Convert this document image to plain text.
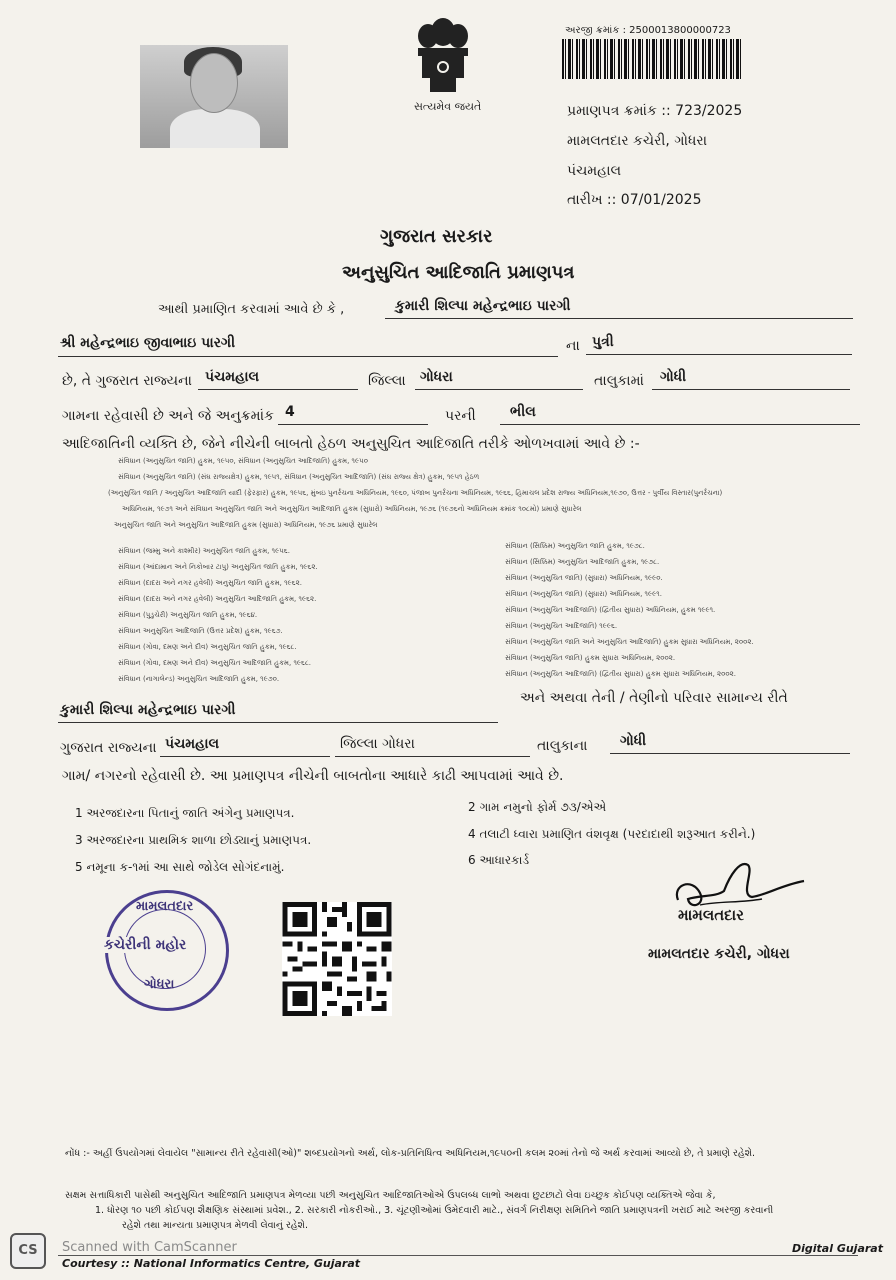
સત્યમેવ જયતે
અરજી ક્રમાંક : 2500013800000723
પ્રમાણપત્ર ક્રમાંક :: 723/2025
મામલતદાર કચેરી, ગોધરા
પંચમહાલ
તારીખ :: 07/01/2025
ગુજરાત સરકાર
અનુસુચિત આદિજાતિ પ્રમાણપત્ર
આથી પ્રમાણિત કરવામાં આવે છે કે ,	કુમારી શિલ્પા મહેન્દ્રભાઇ પારગી
શ્રી મહેન્દ્રભાઇ જીવાભાઇ પારગી	ના પુત્રી
છે, તે ગુજરાત રાજ્યના પંચમહાલ	જિલ્લા ગોધરા	તાલુકામાં ગોધી
ગામના રહેવાસી છે અને જે અનુક્રમાંક 4	પરની ભીલ
આદિજાતિની વ્યક્તિ છે, જેને નીચેની બાબતો હેઠળ અનુસુચિત આદિજાતિ તરીકે ઓળખવામાં આવે છે :-
સંવિધાન (અનુસુચિત જાતિ) હુકમ, ૧૯૫૦, સંવિધાન (અનુસુચિત આદિજાતિ) હુકમ, ૧૯૫૦
સંવિધાન (અનુસુચિત જાતિ) (સંઘ રાજ્યક્ષેત્ર) હુકમ, ૧૯૫૧, સંવિધાન (અનુસુચિત આદિજાતિ) (સંઘ રાજ્ય ક્ષેત્ર) હુકમ, ૧૯૫૧ હેઠળ
(અનુસુચિત જાતિ / અનુસુચિત આદિજાતિ યાદી (ફેરફાર) હુકમ, ૧૯૫૬, મુંબઇ પુનર્રચના અધિનિયમ, ૧૯૬૦, પંજાબ પુનર્રચના અધિનિયમ, ૧૯૬૬, હિમાચલ પ્રદેશ રાજ્ય અધિનિયમ,૧૯૭૦, ઉત્તર - પુર્વીય વિસ્તાર(પુનર્રચના)
અધિનિયમ, ૧૯૭૧ અને સંવિધાન અનુસુચિત જાતિ અને અનુસુચિત આદિજાતિ હુકમ (સુધારો) અધિનિયમ, ૧૯૭૬ (૧૯૭૬નો અધિનિયમ ક્રમાંક ૧૦૮મો) પ્રમાણે સુધારેલ
અનુસુચિત જાતિ અને અનુસુચિત આદિજાતિ હુકમ (સુધારા) અધિનિયમ, ૧૯૭૬ પ્રમાણે સુધારેલ
સંવિધાન (જમ્મુ અને કાશ્મીર) અનુસુચિત જાતિ હુકમ, ૧૯૫૬.
સંવિધાન (આંદામાન અને નિકોબાર ટાપુ) અનુસુચિત જાતિ હુકમ, ૧૯૬૨.
સંવિધાન (દાદરા અને નગર હવેલી) અનુસુચિત જાતિ હુકમ, ૧૯૬૨.
સંવિધાન (દાદરા અને નગર હવેલી) અનુસુચિત આદિજાતિ હુકમ, ૧૯૬૨.
સંવિધાન (પુડુચેરી) અનુસુચિત જાતિ હુકમ, ૧૯૬૪.
સંવિધાન અનુસુચિત આદિજાતિ (ઉત્તર પ્રદેશ) હુકમ, ૧૯૬૭.
સંવિધાન (ગોવા, દમણ અને દીવ) અનુસુચિત જાતિ હુકમ, ૧૯૬૮.
સંવિધાન (ગોવા, દમણ અને દીવ) અનુસુચિત આદિજાતિ હુકમ, ૧૯૬૮.
સંવિધાન (નાગાલેન્ડ) અનુસુચિત આદિજાતિ હુકમ, ૧૯૭૦.
સંવિધાન (સિક્કિમ) અનુસુચિત જાતિ હુકમ, ૧૯૭૮.
સંવિધાન (સિક્કિમ) અનુસુચિત આદિજાતિ હુકમ, ૧૯૭૮.
સંવિધાન (અનુસુચિત જાતિ) (સુધારા) અધિનિયમ, ૧૯૯૦.
સંવિધાન (અનુસુચિત જાતિ) (સુધારા) અધિનિયમ, ૧૯૯૧.
સંવિધાન (અનુસુચિત આદિજાતિ) (દ્વિતીય સુધારા) અધિનિયમ, હુકમ ૧૯૯૧.
સંવિધાન (અનુસુચિત આદિજાતિ) ૧૯૯૬.
સંવિધાન (અનુસુચિત જાતિ અને અનુસુચિત આદિજાતિ) હુકમ સુધારા અધિનિયમ, ૨૦૦૨.
સંવિધાન (અનુસુચિત જાતિ) હુકમ સુધારા અધિનિયમ, ૨૦૦૨.
સંવિધાન (અનુસુચિત આદિજાતિ) (દ્વિતીય સુધારા) હુકમ સુધારા અધિનિયમ, ૨૦૦૨.
કુમારી શિલ્પા મહેન્દ્રભાઇ પારગી
અને અથવા તેની / તેણીનો પરિવાર સામાન્ય રીતે
ગુજરાત રાજ્યના પંચમહાલ	જિલ્લા ગોધરા	તાલુકાના ગોધી
ગામ/ નગરનો રહેવાસી છે. આ પ્રમાણપત્ર નીચેની બાબતોના આધારે કાઢી આપવામાં આવે છે.
1 અરજદારના પિતાનું જાતિ અંગેનુ પ્રમાણપત્ર.
3 અરજદારના પ્રાથમિક શાળા છોડ્યાનું પ્રમાણપત્ર.
5 નમૂના ક-૧માં આ સાથે જોડેલ સોગંદનામું.
2 ગામ નમુનો ફોર્મ ૭૩/એએ
4 તલાટી ધ્વારા પ્રમાણિત વંશવૃક્ષ (પરદાદાથી શરૂઆત કરીને.)
6 આધારકાર્ડ
મામલતદાર
કચેરીની મહોર
ગોધરા
મામલતદાર
મામલતદાર કચેરી, ગોધરા
નોંધ :- અહીં ઉપયોગમાં લેવાયેલ "સામાન્ય રીતે રહેવાસી(ઓ)" શબ્દપ્રયોગનો અર્થ, લોક-પ્રતિનિધિત્વ અધિનિયમ,૧૯૫૦ની કલમ ૨૦માં તેનો જે અર્થ કરવામાં આવ્યો છે, તે પ્રમાણે રહેશે.
સક્ષમ સત્તાધિકારી પાસેથી અનુસુચિત આદિજાતિ પ્રમાણપત્ર મેળવ્યા પછી અનુસુચિત આદિજાતિઓએ ઉપલબ્ધ લાભો અથવા છુટછાટો લેવા ઇચ્છુક કોઈપણ વ્યક્તિએ જેવા કે,
1. ધોરણ ૧૦ પછી કોઈપણ શૈક્ષણિક સંસ્થામાં પ્રવેશ., 2. સરકારી નોકરીઓ., 3. ચૂંટણીઓમાં ઉમેદવારી માટે., સંવર્ગ નિરીક્ષણ સમિતિને જાતિ પ્રમાણપત્રની ખરાઈ માટે અરજી કરવાની
રહેશે તથા માન્યતા પ્રમાણપત્ર મેળવી લેવાનું રહેશે.
CS	Scanned with CamScanner
Courtesy :: National Informatics Centre, Gujarat
Digital Gujarat
